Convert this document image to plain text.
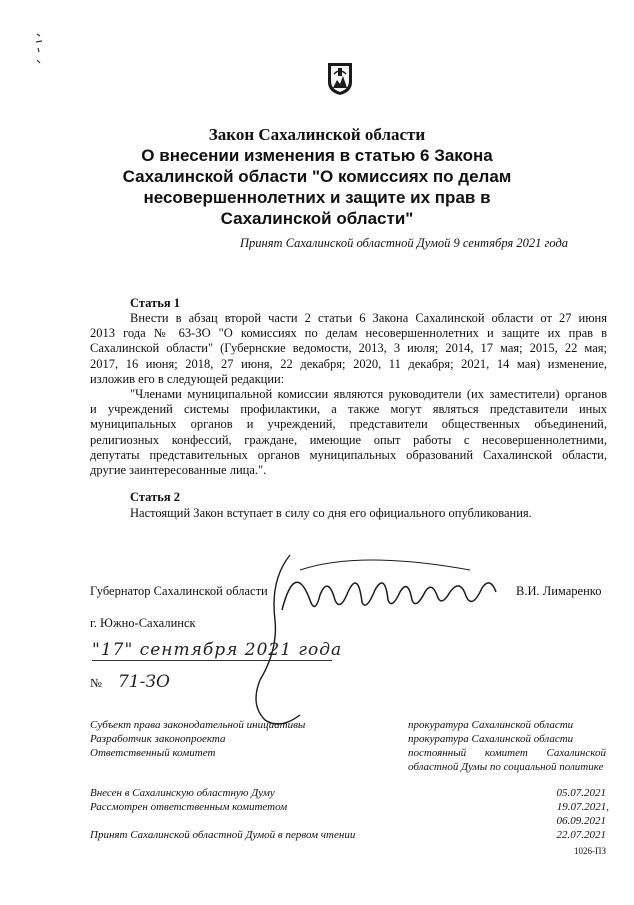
Закон Сахалинской области
О внесении изменения в статью 6 Закона
Сахалинской области "О комиссиях по делам
несовершеннолетних и защите их прав в
Сахалинской области"
Принят Сахалинской областной Думой 9 сентября 2021 года
Статья 1
Внести в абзац второй части 2 статьи 6 Закона Сахалинской области от 27 июня
2013 года № 63-ЗО "О комиссиях по делам несовершеннолетних и защите их прав в
Сахалинской области" (Губернские ведомости, 2013, 3 июля; 2014, 17 мая; 2015, 22 мая;
2017, 16 июня; 2018, 27 июня, 22 декабря; 2020, 11 декабря; 2021, 14 мая) изменение,
изложив его в следующей редакции:
"Членами муниципальной комиссии являются руководители (их заместители) органов
и учреждений системы профилактики, а также могут являться представители иных
муниципальных органов и учреждений, представители общественных объединений,
религиозных конфессий, граждане, имеющие опыт работы с несовершеннолетними,
депутаты представительных органов муниципальных образований Сахалинской области,
другие заинтересованные лица.".
Статья 2
Настоящий Закон вступает в силу со дня его официального опубликования.
Губернатор Сахалинской области	В.И. Лимаренко
г. Южно-Сахалинск
"17" сентября 2021 года
№ 71-ЗО
Субъект права законодательной инициативы	прокуратура Сахалинской области
Разработчик законопроекта	прокуратура Сахалинской области
Ответственный комитет	постоянный комитет Сахалинской областной Думы по социальной политике
Внесен в Сахалинскую областную Думу	05.07.2021
Рассмотрен ответственным комитетом	19.07.2021,
06.09.2021
Принят Сахалинской областной Думой в первом чтении	22.07.2021
1026-ПЗ
